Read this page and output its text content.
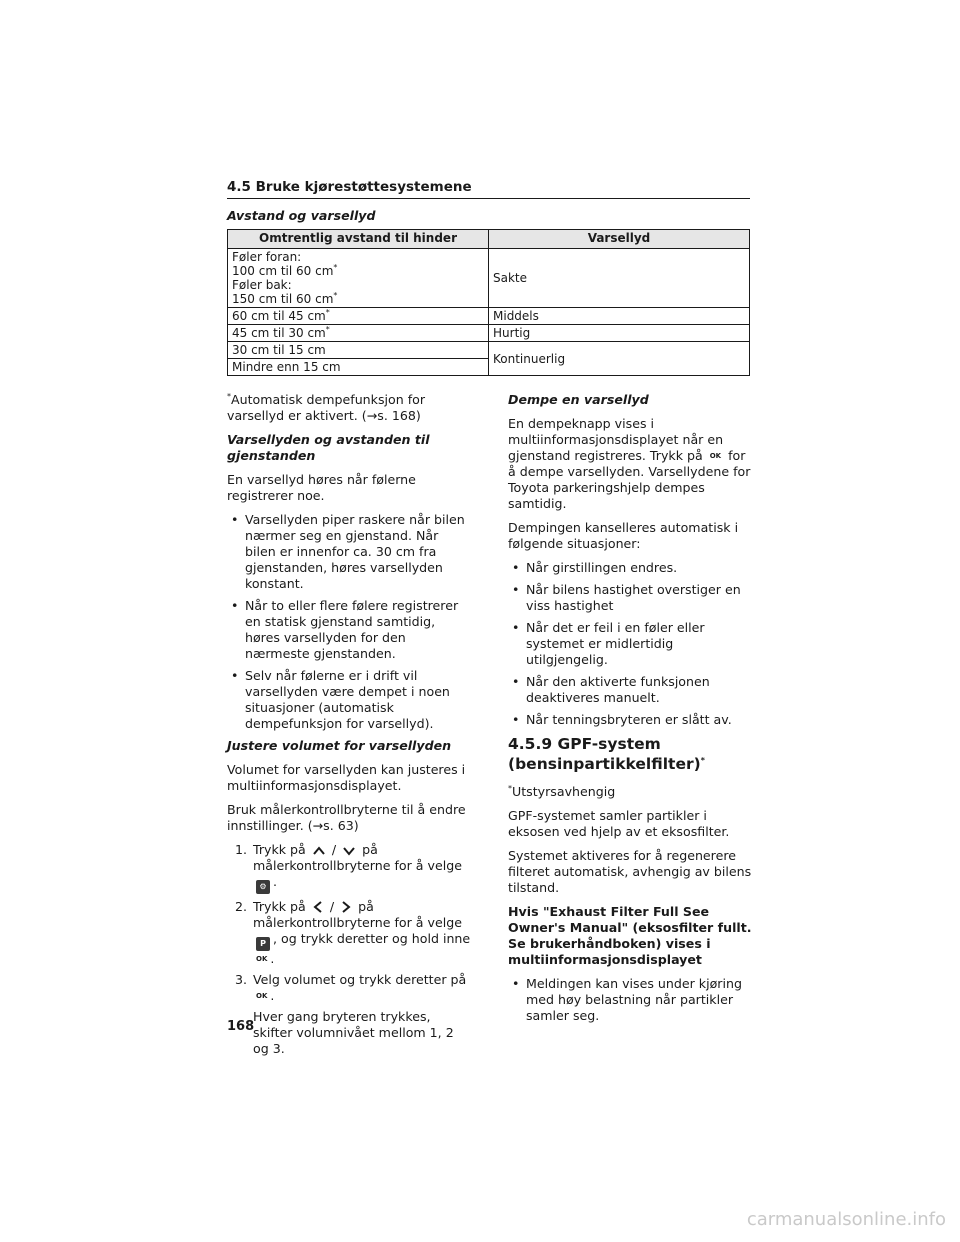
4.5 Bruke kjørestøttesystemene
Avstand og varsellyd
Omtrentlig avstand til hinder	Varsellyd
Føler foran:
100 cm til 60 cm*
Føler bak:
150 cm til 60 cm*	Sakte
60 cm til 45 cm*	Middels
45 cm til 30 cm*	Hurtig
30 cm til 15 cm	Kontinuerlig
Mindre enn 15 cm	

*Automatisk dempefunksjon for varsellyd er aktivert. (→s. 168)

Varsellyden og avstanden til gjenstanden

En varsellyd høres når følerne registrerer noe.

• Varsellyden piper raskere når bilen nærmer seg en gjenstand. Når bilen er innenfor ca. 30 cm fra gjenstanden, høres varsellyden konstant.
• Når to eller flere følere registrerer en statisk gjenstand samtidig, høres varsellyden for den nærmeste gjenstanden.
• Selv når følerne er i drift vil varsellyden være dempet i noen situasjoner (automatisk dempefunksjon for varsellyd).

Justere volumet for varsellyden

Volumet for varsellyden kan justeres i multiinformasjonsdisplayet.

Bruk målerkontrollbryterne til å endre innstillinger. (→s. 63)

1. Trykk på / på målerkontrollbryterne for å velge ⚙ .
2. Trykk på / på målerkontrollbryterne for å velge P , og trykk deretter og hold inne OK .
3. Velg volumet og trykk deretter på OK .

Hver gang bryteren trykkes, skifter volumnivået mellom 1, 2 og 3.

Dempe en varsellyd

En dempeknapp vises i multiinformasjonsdisplayet når en gjenstand registreres. Trykk på OK for å dempe varsellyden. Varsellydene for Toyota parkeringshjelp dempes samtidig.

Dempingen kanselleres automatisk i følgende situasjoner:

• Når girstillingen endres.
• Når bilens hastighet overstiger en viss hastighet
• Når det er feil i en føler eller systemet er midlertidig utilgjengelig.
• Når den aktiverte funksjonen deaktiveres manuelt.
• Når tenningsbryteren er slått av.
4.5.9 GPF-system (bensinpartikkelfilter)*

*Utstyrsavhengig

GPF-systemet samler partikler i eksosen ved hjelp av et eksosfilter.

Systemet aktiveres for å regenerere filteret automatisk, avhengig av bilens tilstand.

Hvis "Exhaust Filter Full See Owner's Manual" (eksosfilter fullt. Se brukerhåndboken) vises i multiinformasjonsdisplayet

• Meldingen kan vises under kjøring med høy belastning når partikler samler seg.
168
carmanualsonline.info
